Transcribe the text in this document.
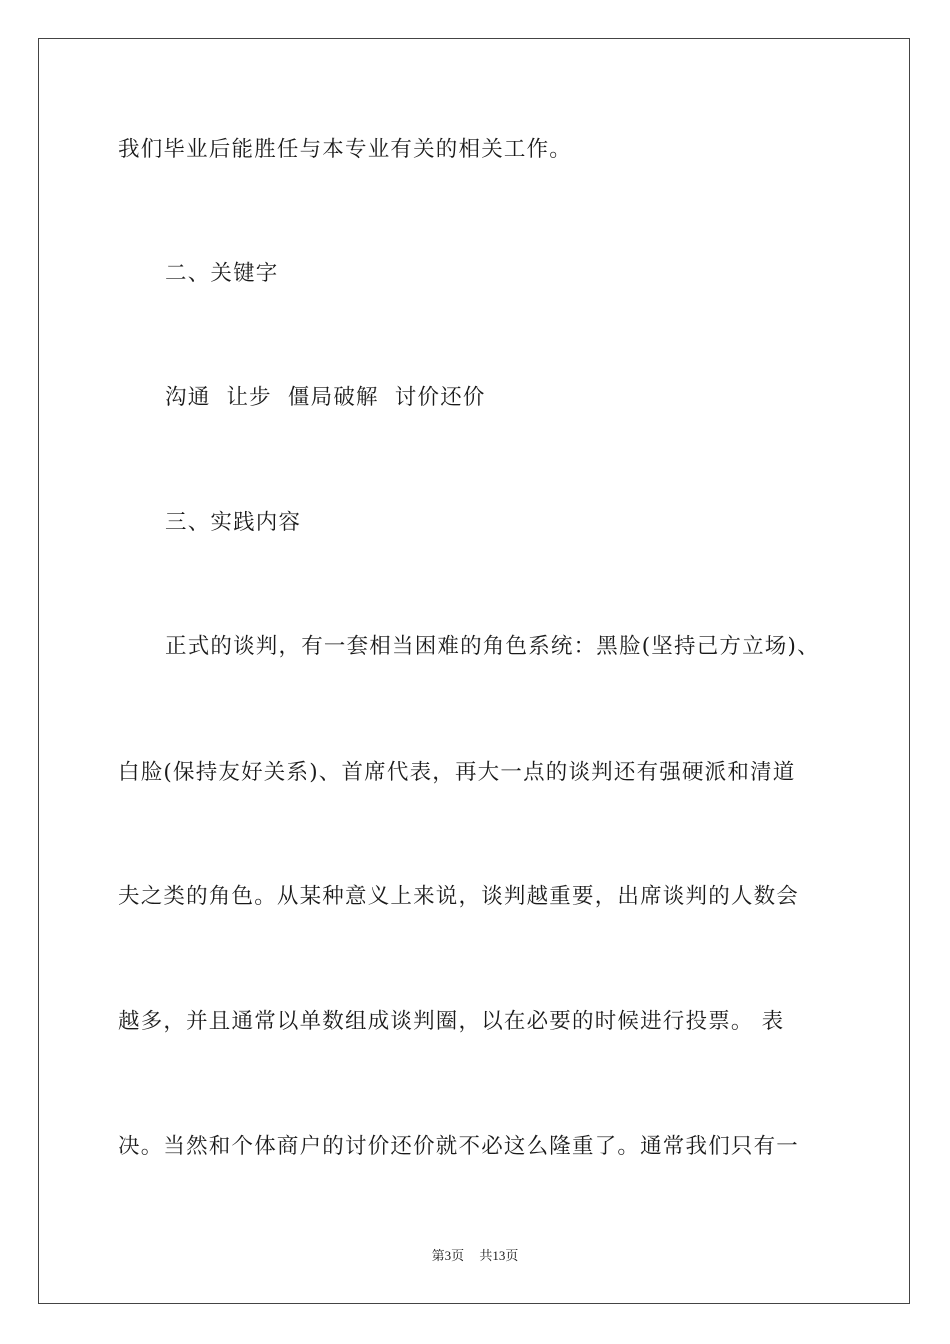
我们毕业后能胜任与本专业有关的相关工作。
二、关键字
沟通  让步  僵局破解  讨价还价
三、实践内容
正式的谈判，有一套相当困难的角色系统：黑脸(坚持己方立场)、
白脸(保持友好关系)、首席代表，再大一点的谈判还有强硬派和清道
夫之类的角色。从某种意义上来说，谈判越重要，出席谈判的人数会
越多，并且通常以单数组成谈判圈，以在必要的时候进行投票。 表
决。当然和个体商户的讨价还价就不必这么隆重了。通常我们只有一
第3页 共13页
